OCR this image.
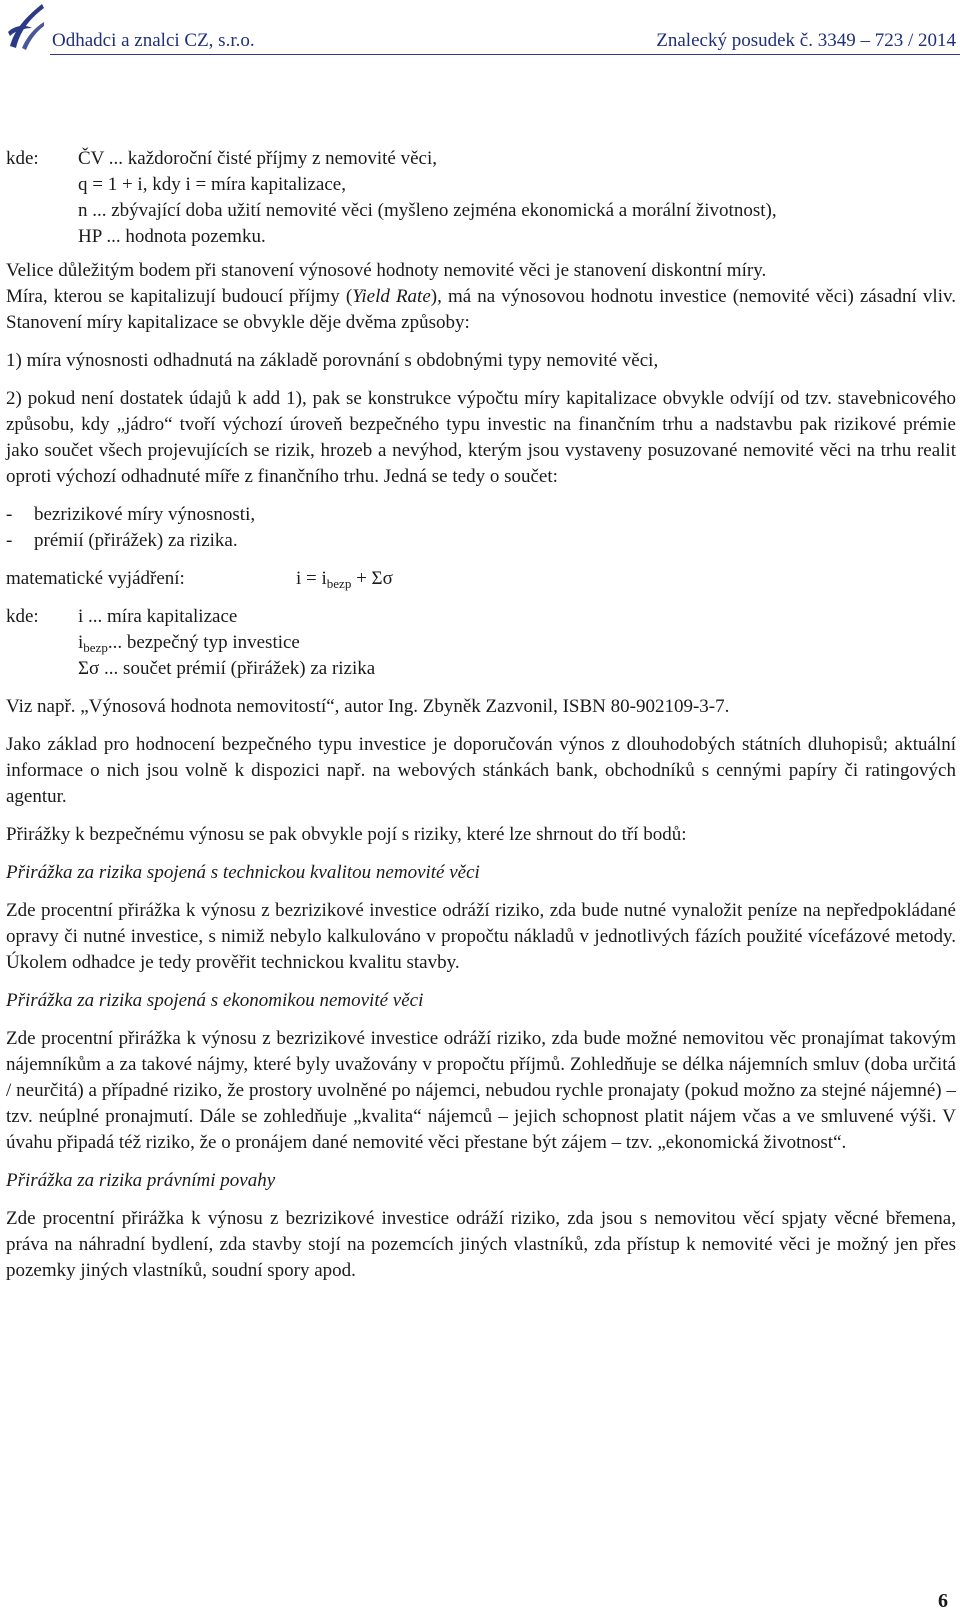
Odhadci a znalci CZ, s.r.o.	Znalecký posudek č. 3349 – 723 / 2014
kde:	ČV ... každoroční čisté příjmy z nemovité věci,
q = 1 + i, kdy i = míra kapitalizace,
n ... zbývající doba užití nemovité věci (myšleno zejména ekonomická a morální životnost),
HP ... hodnota pozemku.

Velice důležitým bodem při stanovení výnosové hodnoty nemovité věci je stanovení diskontní míry.

Míra, kterou se kapitalizují budoucí příjmy (Yield Rate), má na výnosovou hodnotu investice (nemovité věci) zásadní vliv. Stanovení míry kapitalizace se obvykle děje dvěma způsoby:

1) míra výnosnosti odhadnutá na základě porovnání s obdobnými typy nemovité věci,

2) pokud není dostatek údajů k add 1), pak se konstrukce výpočtu míry kapitalizace obvykle odvíjí od tzv. stavebnicového způsobu, kdy „jádro“ tvoří výchozí úroveň bezpečného typu investic na finančním trhu a nadstavbu pak rizikové prémie jako součet všech projevujících se rizik, hrozeb a nevýhod, kterým jsou vystaveny posuzované nemovité věci na trhu realit oproti výchozí odhadnuté míře z finančního trhu. Jedná se tedy o součet:

-	bezrizikové míry výnosnosti,
-	prémií (přirážek) za rizika.
matematické vyjádření:	$i = i_{bezp} + \Sigma\sigma$
kde:	i ... míra kapitalizace
$i_{bezp}$... bezpečný typ investice
Σσ ... součet prémií (přirážek) za rizika

Viz např. „Výnosová hodnota nemovitostí“, autor Ing. Zbyněk Zazvonil, ISBN 80-902109-3-7.

Jako základ pro hodnocení bezpečného typu investice je doporučován výnos z dlouhodobých státních dluhopisů; aktuální informace o nich jsou volně k dispozici např. na webových stánkách bank, obchodníků s cennými papíry či ratingových agentur.

Přirážky k bezpečnému výnosu se pak obvykle pojí s riziky, které lze shrnout do tří bodů:

Přirážka za rizika spojená s technickou kvalitou nemovité věci

Zde procentní přirážka k výnosu z bezrizikové investice odráží riziko, zda bude nutné vynaložit peníze na nepředpokládané opravy či nutné investice, s nimiž nebylo kalkulováno v propočtu nákladů v jednotlivých fázích použité vícefázové metody. Úkolem odhadce je tedy prověřit technickou kvalitu stavby.

Přirážka za rizika spojená s ekonomikou nemovité věci

Zde procentní přirážka k výnosu z bezrizikové investice odráží riziko, zda bude možné nemovitou věc pronajímat takovým nájemníkům a za takové nájmy, které byly uvažovány v propočtu příjmů. Zohledňuje se délka nájemních smluv (doba určitá / neurčitá) a případné riziko, že prostory uvolněné po nájemci, nebudou rychle pronajaty (pokud možno za stejné nájemné) – tzv. neúplné pronajmutí. Dále se zohledňuje „kvalita“ nájemců – jejich schopnost platit nájem včas a ve smluvené výši. V úvahu připadá též riziko, že o pronájem dané nemovité věci přestane být zájem – tzv. „ekonomická životnost“.

Přirážka za rizika právními povahy

Zde procentní přirážka k výnosu z bezrizikové investice odráží riziko, zda jsou s nemovitou věcí spjaty věcné břemena, práva na náhradní bydlení, zda stavby stojí na pozemcích jiných vlastníků, zda přístup k nemovité věci je možný jen přes pozemky jiných vlastníků, soudní spory apod.

6
